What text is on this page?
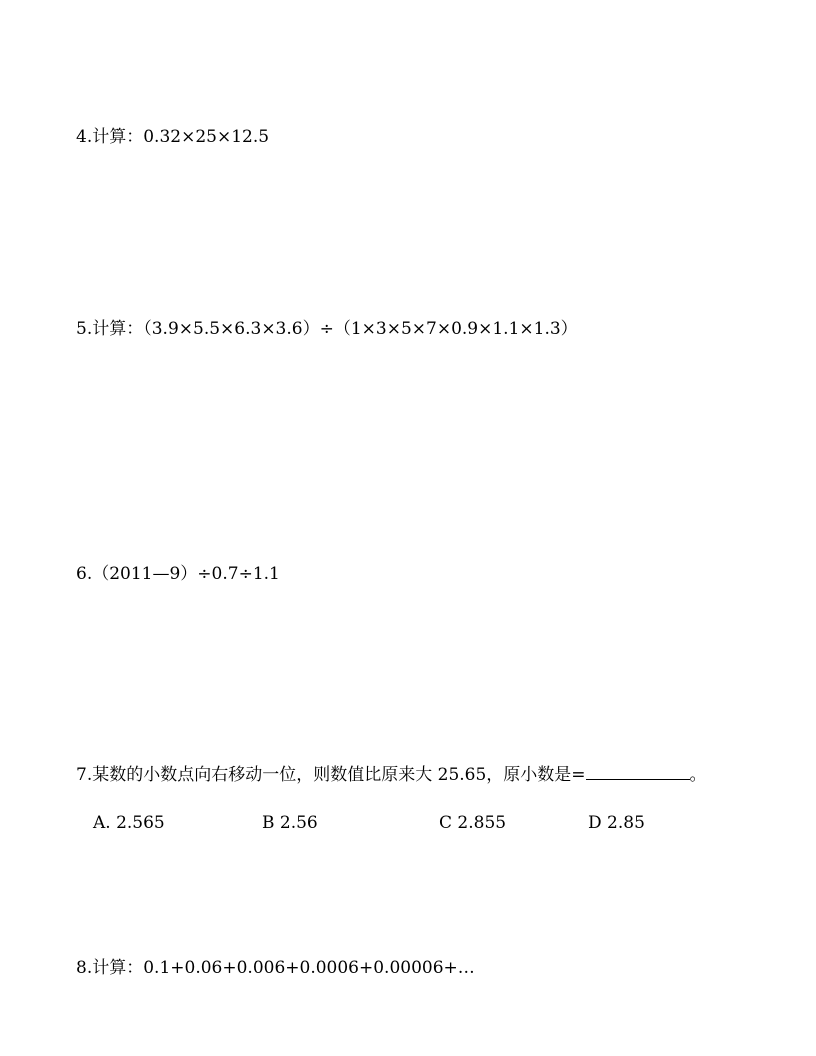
4.计算：0.32×25×12.5
5.计算：（3.9×5.5×6.3×3.6）÷（1×3×5×7×0.9×1.1×1.3）
6.（2011—9）÷0.7÷1.1
7.某数的小数点向右移动一位，则数值比原来大 25.65，原小数是=	。
A. 2.565	B 2.56	C 2.855	D 2.85
8.计算：0.1+0.06+0.006+0.0006+0.00006+…
